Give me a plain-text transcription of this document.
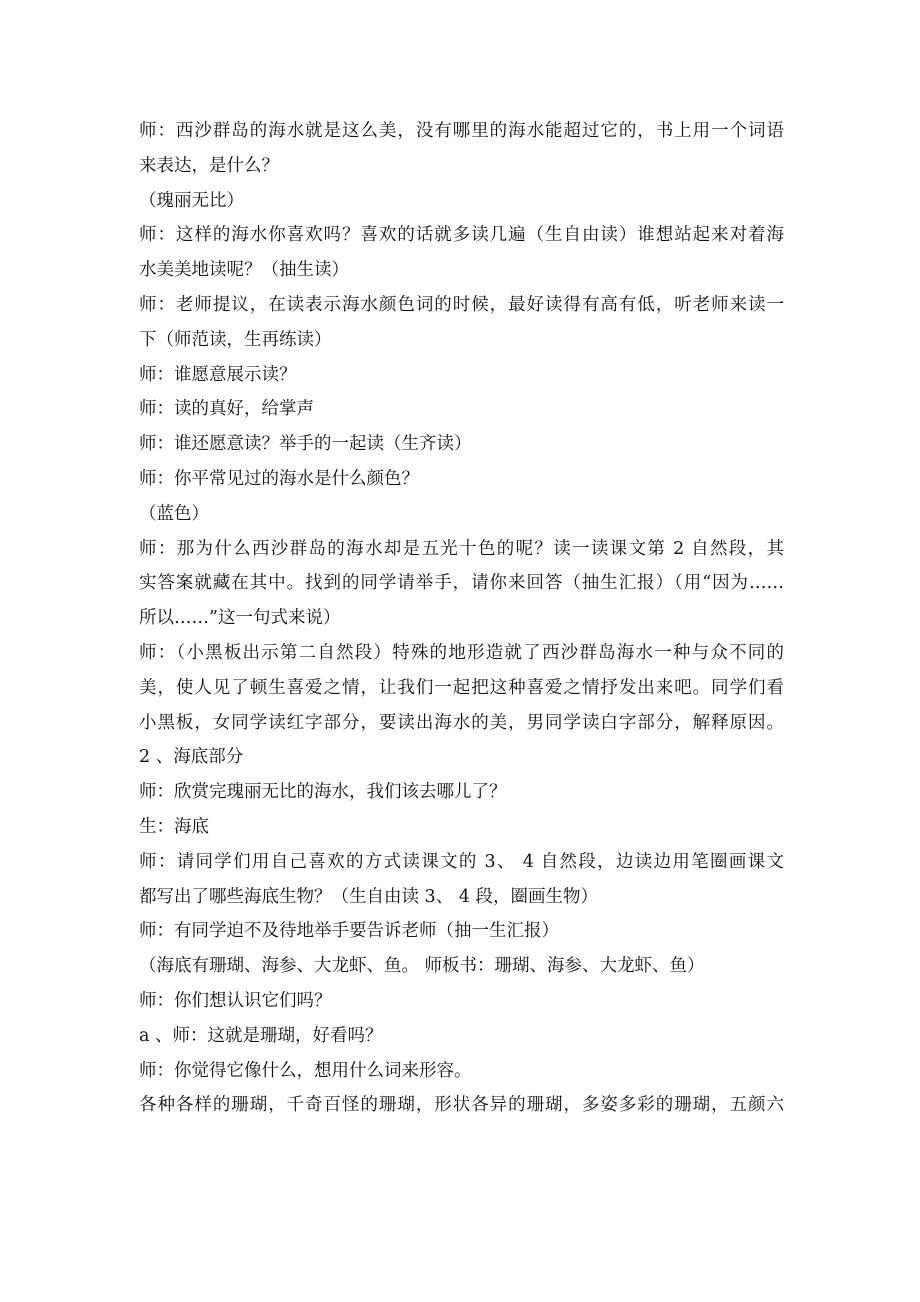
师：西沙群岛的海水就是这么美，没有哪里的海水能超过它的，书上用一个词语
来表达，是什么？
（瑰丽无比）
师：这样的海水你喜欢吗？喜欢的话就多读几遍（生自由读）谁想站起来对着海
水美美地读呢？（抽生读）
师：老师提议，在读表示海水颜色词的时候，最好读得有高有低，听老师来读一
下（师范读，生再练读）
师：谁愿意展示读？
师：读的真好，给掌声
师：谁还愿意读？举手的一起读（生齐读）
师：你平常见过的海水是什么颜色？
（蓝色）
师：那为什么西沙群岛的海水却是五光十色的呢？读一读课文第 2 自然段，其
实答案就藏在其中。找到的同学请举手，请你来回答（抽生汇报）（用“因为……
所以……”这一句式来说）
师：（小黑板出示第二自然段）特殊的地形造就了西沙群岛海水一种与众不同的
美，使人见了顿生喜爱之情，让我们一起把这种喜爱之情抒发出来吧。同学们看
小黑板，女同学读红字部分，要读出海水的美，男同学读白字部分，解释原因。
2 、海底部分
师：欣赏完瑰丽无比的海水，我们该去哪儿了？
生：海底
师：请同学们用自己喜欢的方式读课文的 3、 4 自然段，边读边用笔圈画课文
都写出了哪些海底生物？（生自由读 3、 4 段，圈画生物）
师：有同学迫不及待地举手要告诉老师（抽一生汇报）
（海底有珊瑚、海参、大龙虾、鱼。 师板书：珊瑚、海参、大龙虾、鱼）
师：你们想认识它们吗？
a 、师：这就是珊瑚，好看吗？
师：你觉得它像什么，想用什么词来形容。
各种各样的珊瑚，千奇百怪的珊瑚，形状各异的珊瑚，多姿多彩的珊瑚，五颜六
